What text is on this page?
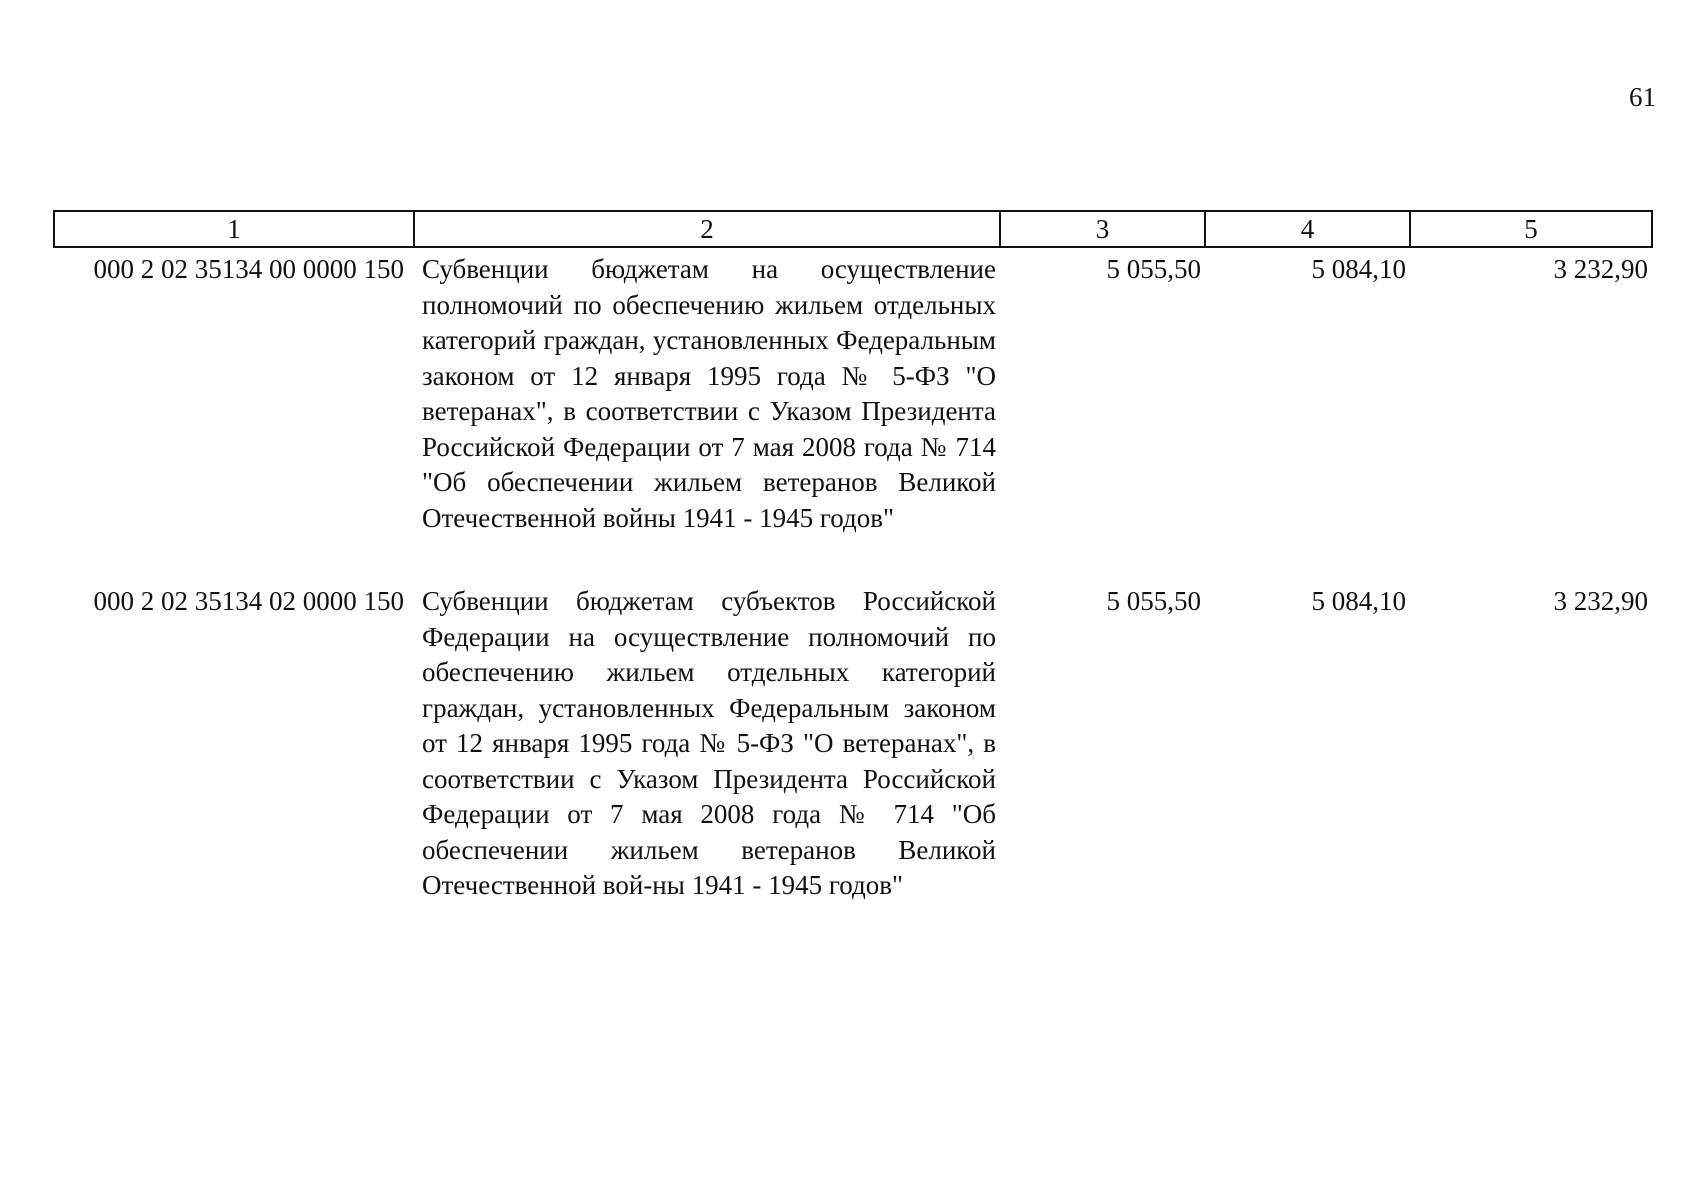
61
1	2	3	4	5
000 2 02 35134 00 0000 150	Субвенции бюджетам на осуществление полномочий по обеспечению жильем отдельных категорий граждан, установленных Федеральным законом от 12 января 1995 года № 5-ФЗ "О ветеранах", в соответствии с Указом Президента Российской Федерации от 7 мая 2008 года № 714 "Об обеспечении жильем ветеранов Великой Отечественной войны 1941 - 1945 годов"	5 055,50	5 084,10	3 232,90
000 2 02 35134 02 0000 150	Субвенции бюджетам субъектов Российской Федерации на осуществление полномочий по обеспечению жильем отдельных категорий граждан, установленных Федеральным законом от 12 января 1995 года № 5-ФЗ "О ветеранах", в соответствии с Указом Президента Российской Федерации от 7 мая 2008 года № 714 "Об обеспечении жильем ветеранов Великой Отечественной вой-ны 1941 - 1945 годов"	5 055,50	5 084,10	3 232,90
